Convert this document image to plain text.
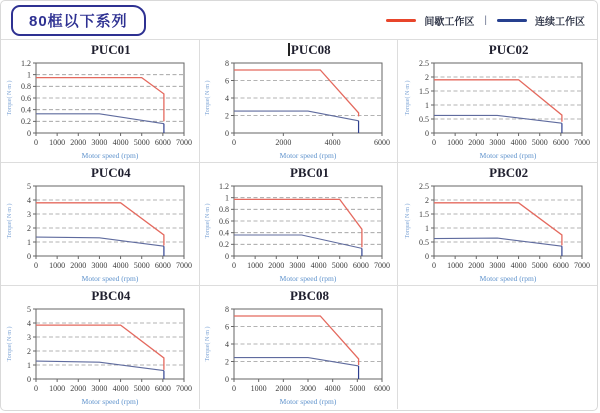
80框以下系列	间歇工作区 |	连续工作区
PUC01
0
0.2
0.4
0.6
0.8
1
1.2
0 1000 2000 3000 4000 5000 6000 7000
Torque( N·m )
Motor speed (rpm)
PUC08
0
2
4
6
8
0	2000	4000	6000
Torque( N·m )
Motor speed (rpm)
PUC02
0
0.5
1
1.5
2
2.5
0 1000 2000 3000 4000 5000 6000 7000
Torque( N·m )
Motor speed (rpm)
PUC04
0
1
2
3
4
5
0 1000 2000 3000 4000 5000 6000 7000
Torque( N·m )
Motor speed (rpm)
PBC01
0
0.2
0.4
0.6
0.8
1
1.2
0 1000 2000 3000 4000 5000 6000 7000
Torque( N·m )
Motor speed (rpm)
PBC02
0
0.5
1
1.5
2
2.5
0 1000 2000 3000 4000 5000 6000 7000
Torque( N·m )
Motor speed (rpm)
PBC04
0
1
2
3
4
5
0 1000 2000 3000 4000 5000 6000 7000
Torque( N·m )
Motor speed (rpm)
PBC08
0
2
4
6
8
0 1000 2000 3000 4000 5000 6000
Torque( N·m )
Motor speed (rpm)
